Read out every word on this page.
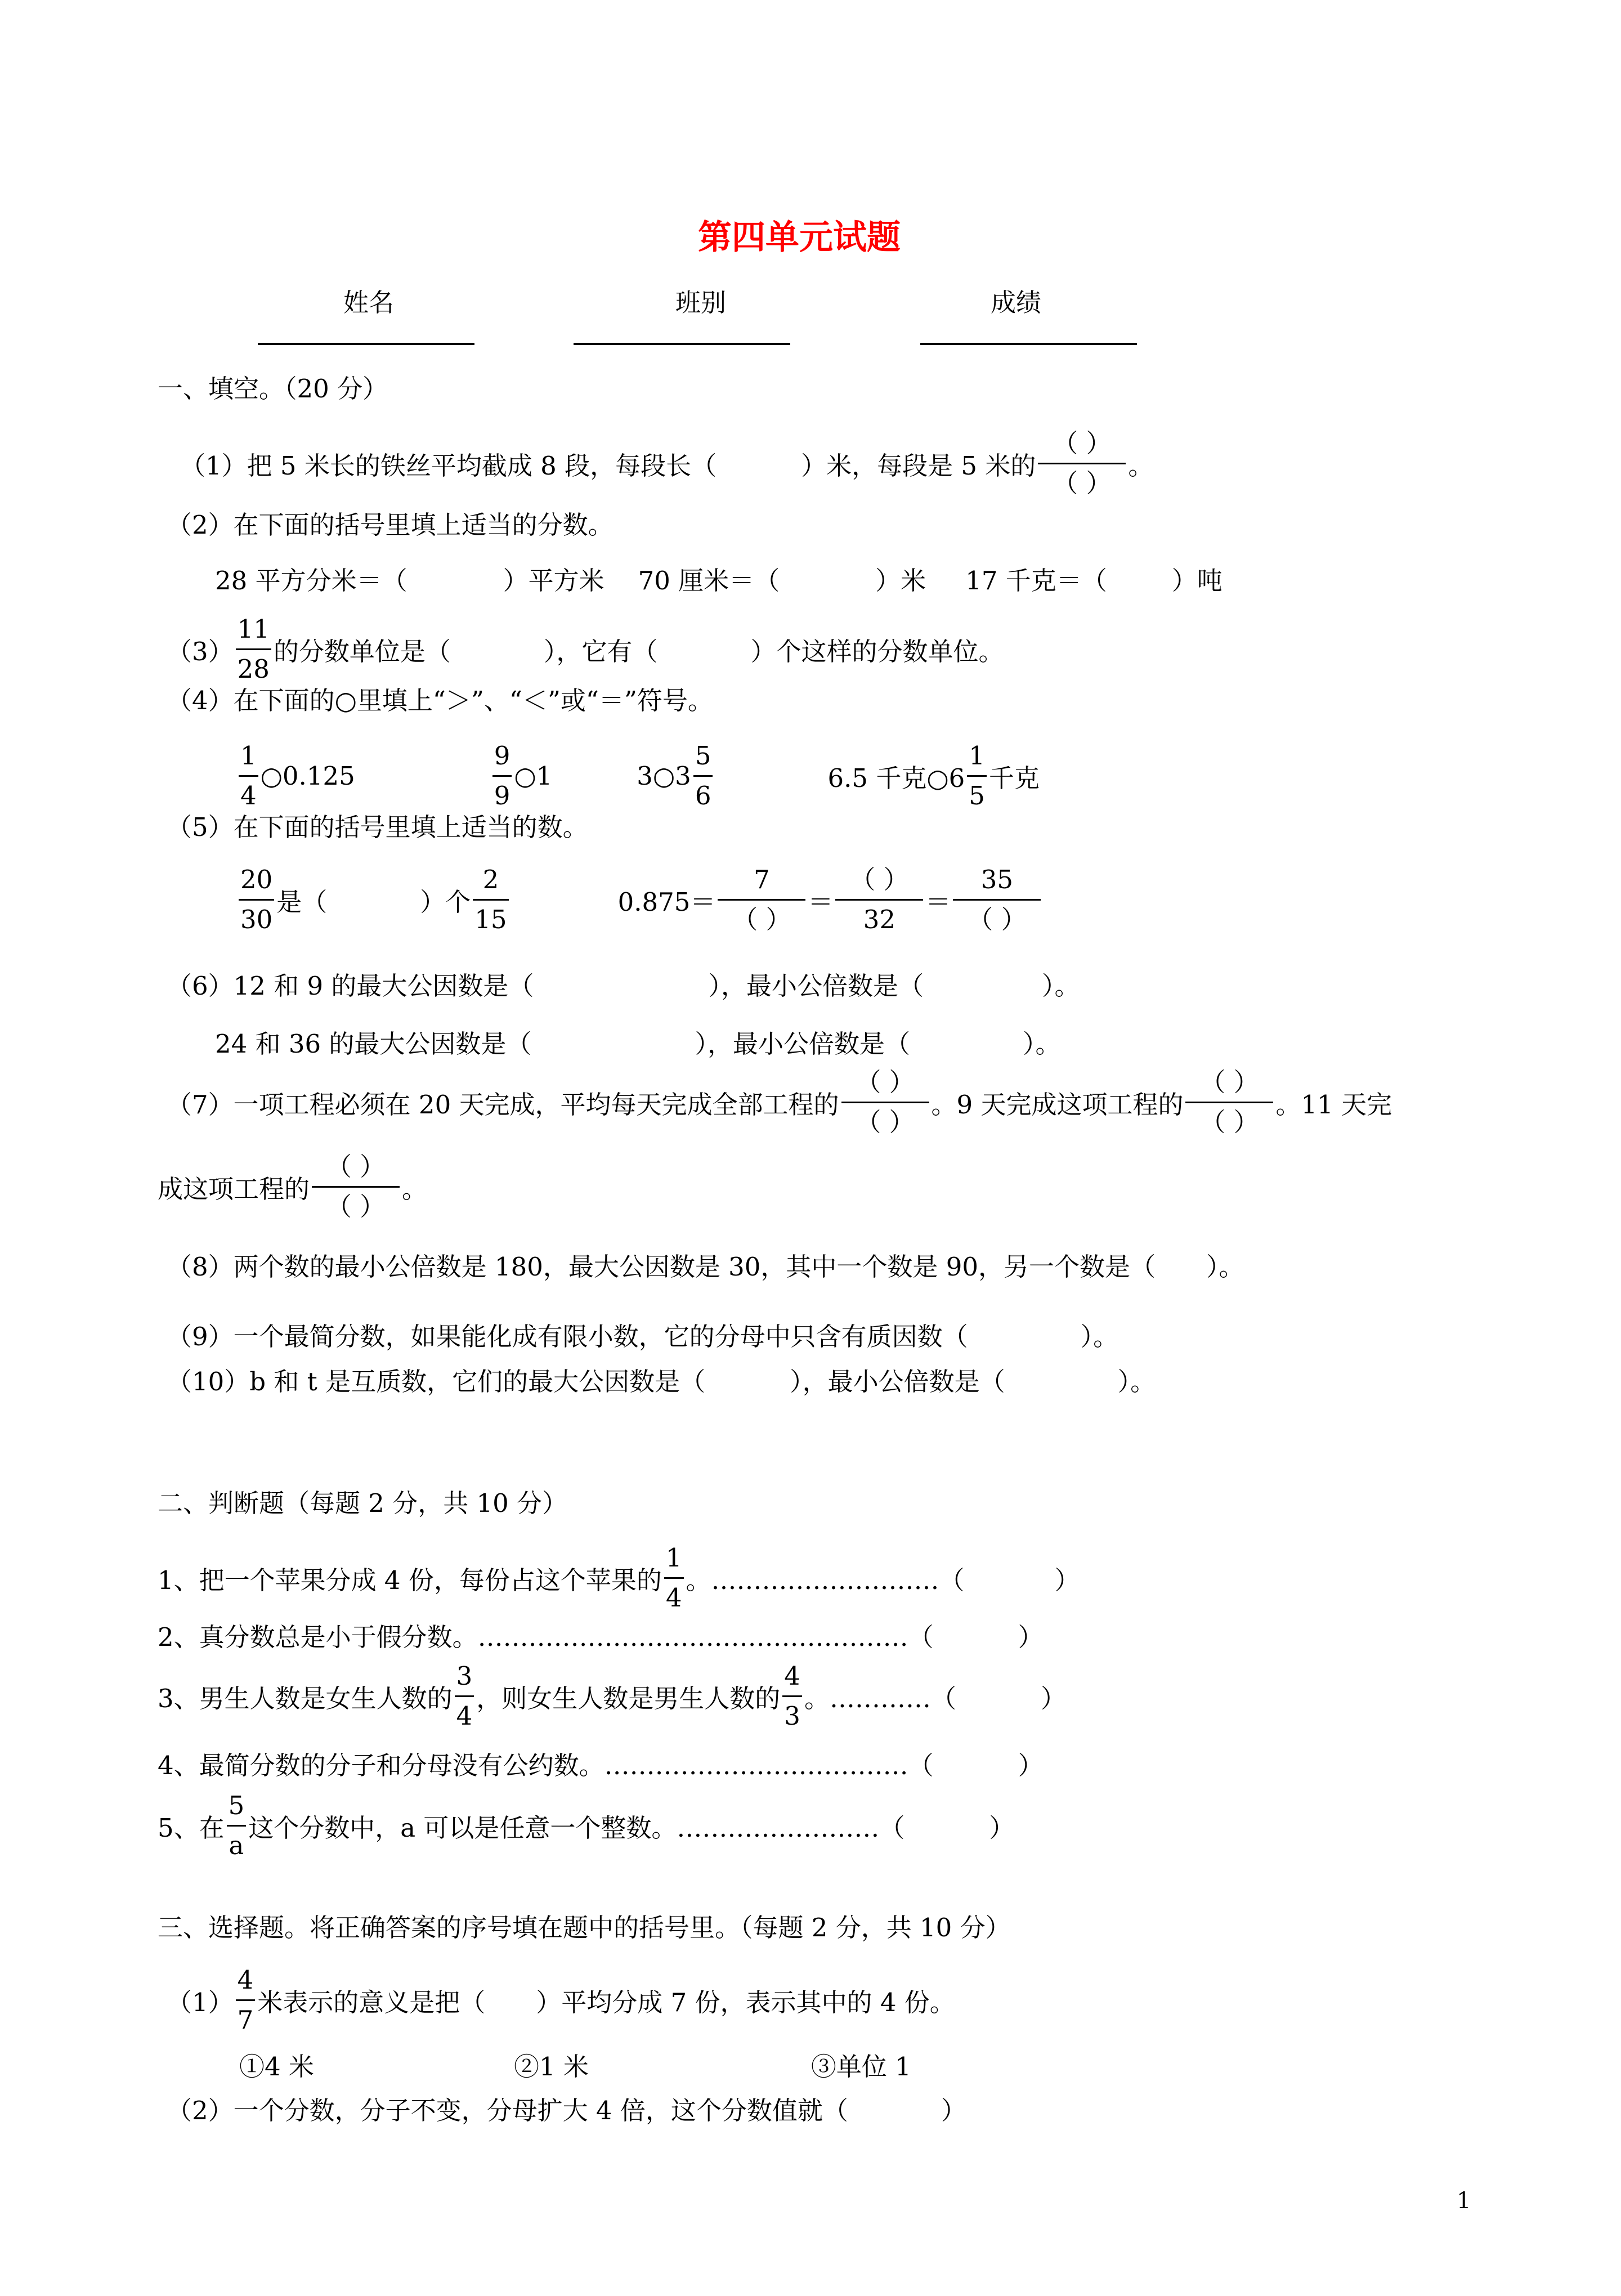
第四单元试题
姓名	班别	成绩
一、填空。（20 分）
（1）把 5 米长的铁丝平均截成 8 段，每段长（	）米，每段是 5 米的 $\frac{( )}{( )}$ 。
（2）在下面的括号里填上适当的分数。
28 平方分米＝（	）平方米 70 厘米＝（	）米 17 千克＝（	）吨
$(3) \frac{11}{28}$ 的分数单位是（	），它有（	）个这样的分数单位。
（4）在下面的○里填上“＞”、“＜”或“＝”符号。
$\frac{1}{4}$ ○0.125	$\frac{9}{9}$ ○1	3○3 $\frac{5}{6}$	6.5 千克○6 $\frac{1}{5}$ 千克
（5）在下面的括号里填上适当的数。
$\frac{20}{30}$ 是（	）个 $\frac{2}{15}$	$0.875= \frac{7}{( )} = \frac{( )}{32} = \frac{35}{( )}$
（6）12 和 9 的最大公因数是（	），最小公倍数是（	）。
24 和 36 的最大公因数是（	），最小公倍数是（	）。
（7）一项工程必须在 20 天完成，平均每天完成全部工程的 $\frac{( )}{( )}$ 。9 天完成这项工程的 $\frac{( )}{( )}$ 。11 天完
成这项工程的 $\frac{( )}{( )}$ 。
（8）两个数的最小公倍数是 180，最大公因数是 30，其中一个数是 90，另一个数是（　　）。
（9）一个最简分数，如果能化成有限小数，它的分母中只含有质因数（	）。
（10）b 和 t 是互质数，它们的最大公因数是（	），最小公倍数是（	）。
二、判断题（每题 2 分，共 10 分）
1、把一个苹果分成 4 份，每份占这个苹果的 $\frac{1}{4}$ 。………………………（	）
2、真分数总是小于假分数。……………………………………………（	）
3、男生人数是女生人数的 $\frac{3}{4}$ ，则女生人数是男生人数的 $\frac{4}{3}$ 。…………（	）
4、最简分数的分子和分母没有公约数。………………………………（	）
5、在 $\frac{5}{a}$ 这个分数中，a 可以是任意一个整数。……………………（	）
三、选择题。将正确答案的序号填在题中的括号里。（每题 2 分，共 10 分）
$(1) \frac{4}{7}$ 米表示的意义是把（　　）平均分成 7 份，表示其中的 4 份。
①4 米	②1 米	③单位 1
（2）一个分数，分子不变，分母扩大 4 倍，这个分数值就（	）
1
